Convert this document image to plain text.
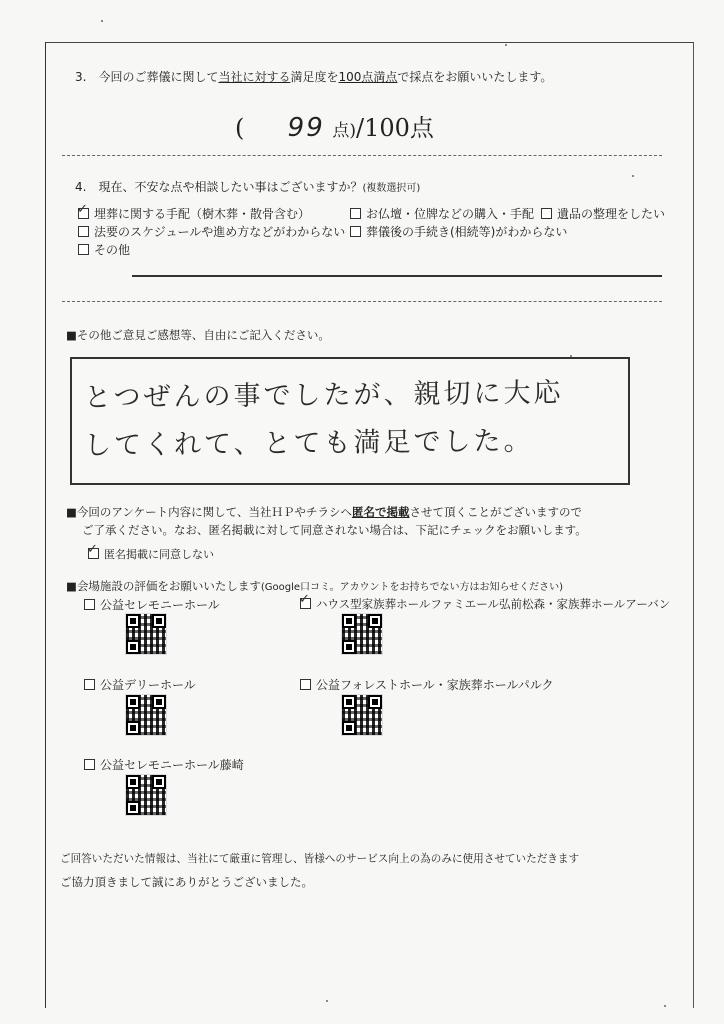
3.　今回のご葬儀に関して当社に対する満足度を100点満点で採点をお願いいたします。
( 99 点)/100点
4.　現在、不安な点や相談したい事はございますか？(複数選択可)
✓ 埋葬に関する手配（樹木葬・散骨含む）	お仏壇・位牌などの購入・手配	遺品の整理をしたい
法要のスケジュールや進め方などがわからない	葬儀後の手続き(相続等)がわからない
その他
■その他ご意見ご感想等、自由にご記入ください。
とつぜんの事でしたが、親切に大応
してくれて、とても満足でした。
■今回のアンケート内容に関して、当社ＨＰやチラシへ匿名で掲載させて頂くことがございますので
ご了承ください。なお、匿名掲載に対して同意されない場合は、下記にチェックをお願いします。
✓ 匿名掲載に同意しない
■会場施設の評価をお願いいたします(Google口コミ。アカウントをお持ちでない方はお知らせください)
公益セレモニーホール	✓ ハウス型家族葬ホールファミエール弘前松森・家族葬ホールアーバン
公益デリーホール	公益フォレストホール・家族葬ホールパルク
公益セレモニーホール藤崎
ご回答いただいた情報は、当社にて厳重に管理し、皆様へのサービス向上の為のみに使用させていただきます
ご協力頂きまして誠にありがとうございました。
